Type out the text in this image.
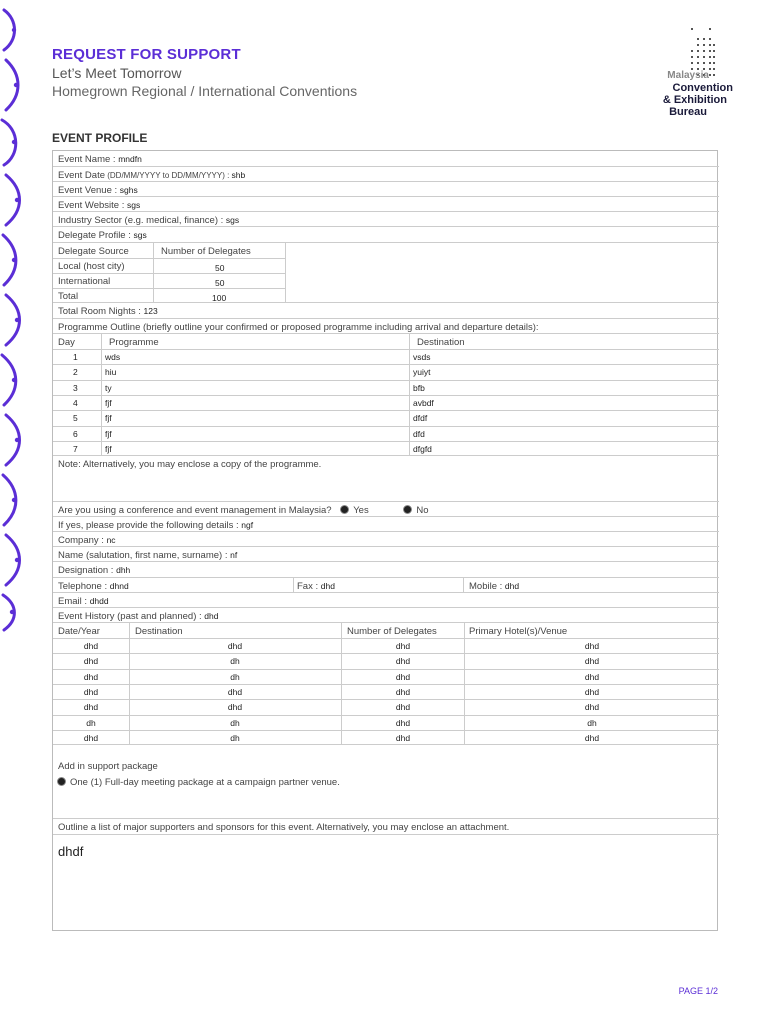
REQUEST FOR SUPPORT
Let’s Meet Tomorrow
Homegrown Regional / International Conventions
Malaysia
Convention
& Exhibition
Bureau
EVENT PROFILE
Event Name : mndfn
Event Date (DD/MM/YYYY to DD/MM/YYYY) : shb
Event Venue : sghs
Event Website : sgs
Industry Sector (e.g. medical, finance) : sgs
Delegate Profile : sgs
Delegate Source	Number of Delegates
Local (host city)	50
International	50
Total	100
Total Room Nights : 123
Programme Outline (briefly outline your confirmed or proposed programme including arrival and departure details):
Day	Programme	Destination
1	wds	vsds
2	hiu	yuiyt
3	ty	bfb
4	fjf	avbdf
5	fjf	dfdf
6	fjf	dfd
7	fjf	dfgfd
Note: Alternatively, you may enclose a copy of the programme.
Are you using a conference and event management in Malaysia? Yes	No
If yes, please provide the following details : ngf
Company : nc
Name (salutation, first name, surname) : nf
Designation : dhh
Telephone : dhnd	Fax : dhd	Mobile : dhd
Email : dhdd
Event History (past and planned) : dhd
Date/Year	Destination	Number of Delegates	Primary Hotel(s)/Venue
dhd	dhd	dhd	dhd
dhd	dh	dhd	dhd
dhd	dh	dhd	dhd
dhd	dhd	dhd	dhd
dhd	dhd	dhd	dhd
dh	dh	dhd	dh
dhd	dh	dhd	dhd
Add in support package
One (1) Full-day meeting package at a campaign partner venue.
Outline a list of major supporters and sponsors for this event. Alternatively, you may enclose an attachment.
dhdf
PAGE 1/2
